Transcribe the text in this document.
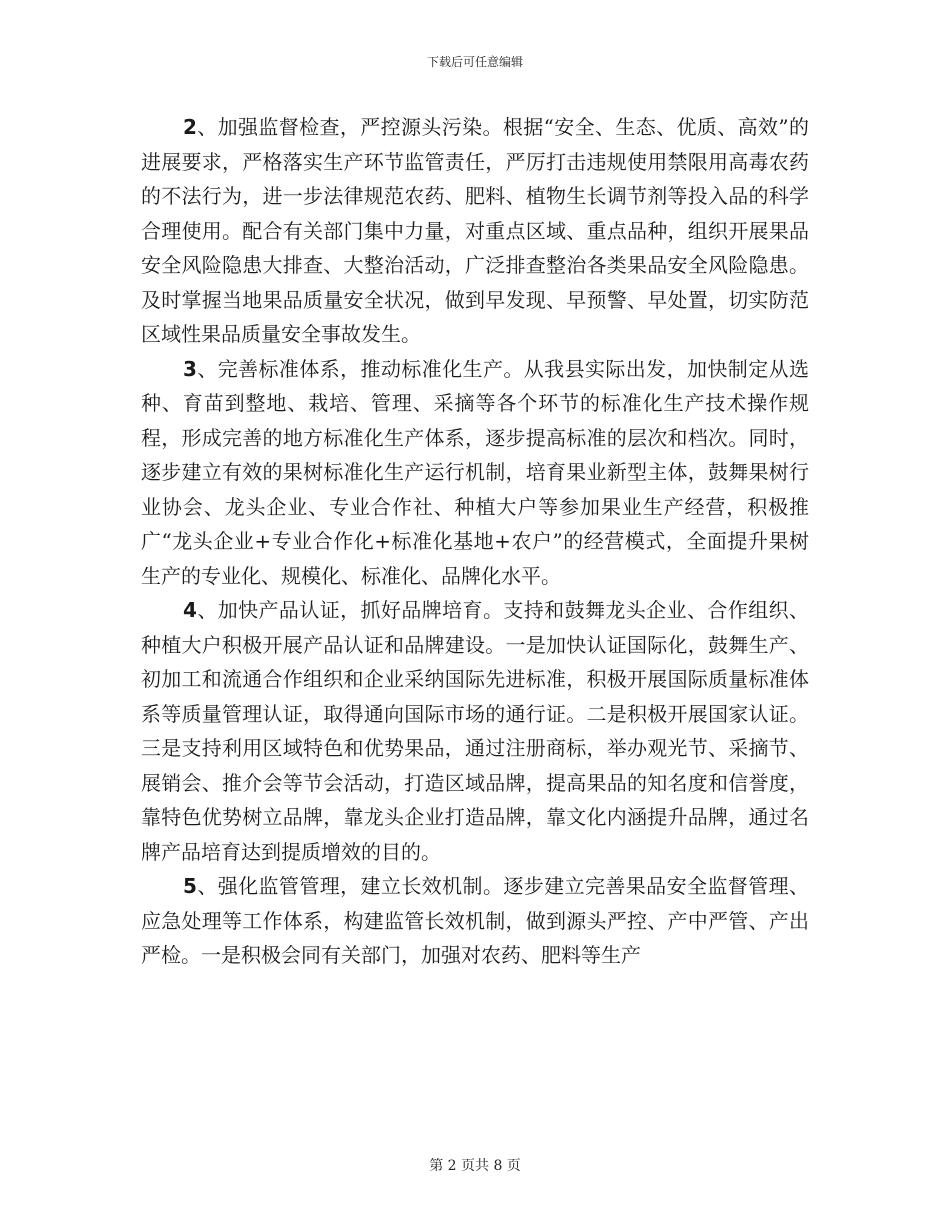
下载后可任意编辑

2、加强监督检查，严控源头污染。根据“安全、生态、优质、高效”的进展要求，严格落实生产环节监管责任，严厉打击违规使用禁限用高毒农药的不法行为，进一步法律规范农药、肥料、植物生长调节剂等投入品的科学合理使用。配合有关部门集中力量，对重点区域、重点品种，组织开展果品安全风险隐患大排查、大整治活动，广泛排查整治各类果品安全风险隐患。及时掌握当地果品质量安全状况，做到早发现、早预警、早处置，切实防范区域性果品质量安全事故发生。

3、完善标准体系，推动标准化生产。从我县实际出发，加快制定从选种、育苗到整地、栽培、管理、采摘等各个环节的标准化生产技术操作规程，形成完善的地方标准化生产体系，逐步提高标准的层次和档次。同时，逐步建立有效的果树标准化生产运行机制，培育果业新型主体，鼓舞果树行业协会、龙头企业、专业合作社、种植大户等参加果业生产经营，积极推广“龙头企业+专业合作化+标准化基地+农户”的经营模式，全面提升果树生产的专业化、规模化、标准化、品牌化水平。

4、加快产品认证，抓好品牌培育。支持和鼓舞龙头企业、合作组织、种植大户积极开展产品认证和品牌建设。一是加快认证国际化，鼓舞生产、初加工和流通合作组织和企业采纳国际先进标准，积极开展国际质量标准体系等质量管理认证，取得通向国际市场的通行证。二是积极开展国家认证。三是支持利用区域特色和优势果品，通过注册商标，举办观光节、采摘节、展销会、推介会等节会活动，打造区域品牌，提高果品的知名度和信誉度，靠特色优势树立品牌，靠龙头企业打造品牌，靠文化内涵提升品牌，通过名牌产品培育达到提质增效的目的。

5、强化监管管理，建立长效机制。逐步建立完善果品安全监督管理、应急处理等工作体系，构建监管长效机制，做到源头严控、产中严管、产出严检。一是积极会同有关部门，加强对农药、肥料等生产

第 2 页共 8 页
